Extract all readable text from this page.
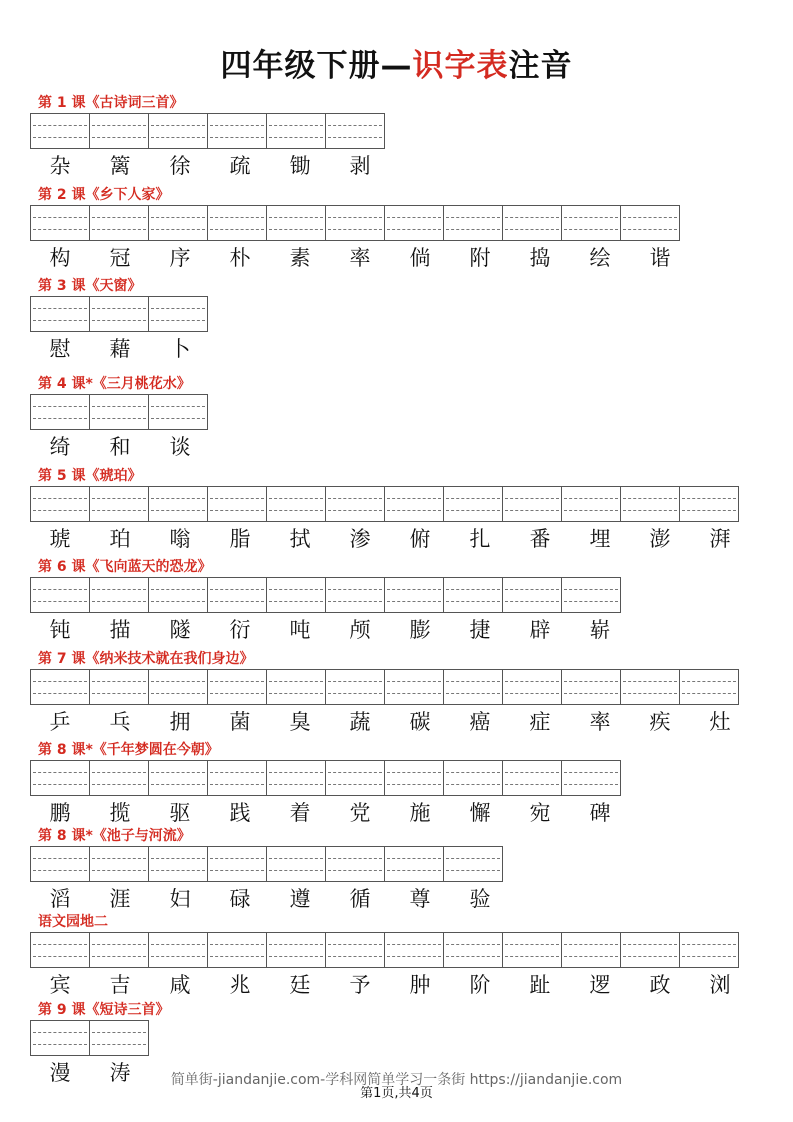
四年级下册—识字表注音
第 1 课《古诗词三首》
杂	篱	徐	疏	锄	剥
第 2 课《乡下人家》
构	冠	序	朴	素	率	倘	附	捣	绘	谐
第 3 课《天窗》
慰	藉	卜
第 4 课*《三月桃花水》
绮	和	谈
第 5 课《琥珀》
琥	珀	嗡	脂	拭	渗	俯	扎	番	埋	澎	湃
第 6 课《飞向蓝天的恐龙》
钝	描	隧	衍	吨	颅	膨	捷	辟	崭
第 7 课《纳米技术就在我们身边》
乒	乓	拥	菌	臭	蔬	碳	癌	症	率	疾	灶
第 8 课*《千年梦圆在今朝》
鹏	揽	驱	践	着	党	施	懈	宛	碑
第 8 课*《池子与河流》
滔	涯	妇	碌	遵	循	尊	验
语文园地二
宾	吉	咸	兆	廷	予	肿	阶	趾	逻	政	浏
第 9 课《短诗三首》
漫	涛	简单街-jiandanjie.com-学科网简单学习一条街 https://jiandanjie.com
第1页,共4页
